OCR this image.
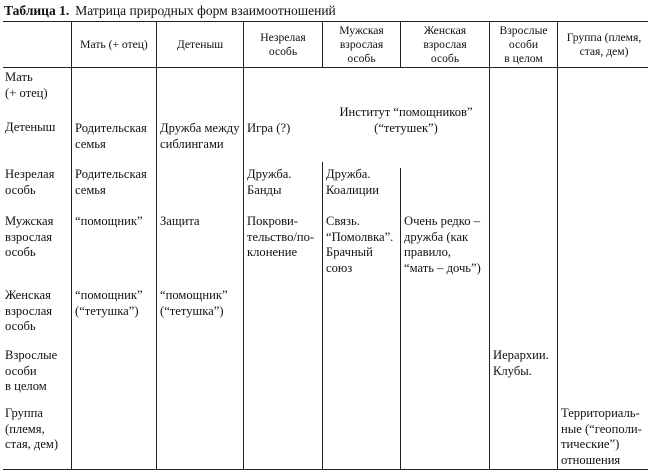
Таблица 1. Матрица природных форм взаимоотношений
Мать (+ отец)	Детеныш
Незрелая
особь
Мужская
взрослая
особь
Женская
взрослая
особь
Взрослые
особи
в целом
Группа (племя,
стая, дем)
Мать
(+ отец)
Детеныш
Незрелая
особь
Мужская
взрослая
особь
Женская
взрослая
особь
Взрослые
особи
в целом
Группа
(племя,
стая, дем)
Родительская
семья
Дружба между
сиблингами
Игра (?)
Институт “помощников”
(“тетушек”)
Родительская
семья
Дружба.
Банды
Дружба.
Коалиции
“помощник” Защита	Покрови-
тельство/по-
клонение
Связь.
“Помолвка”.
Брачный
союз
Очень редко –
дружба (как
правило,
“мать – дочь”)
“помощник”
(“тетушка”)
“помощник”
(“тетушка”)
Иерархии.
Клубы.
Территориаль-
ные (“геопoли-
тические”)
отношения
